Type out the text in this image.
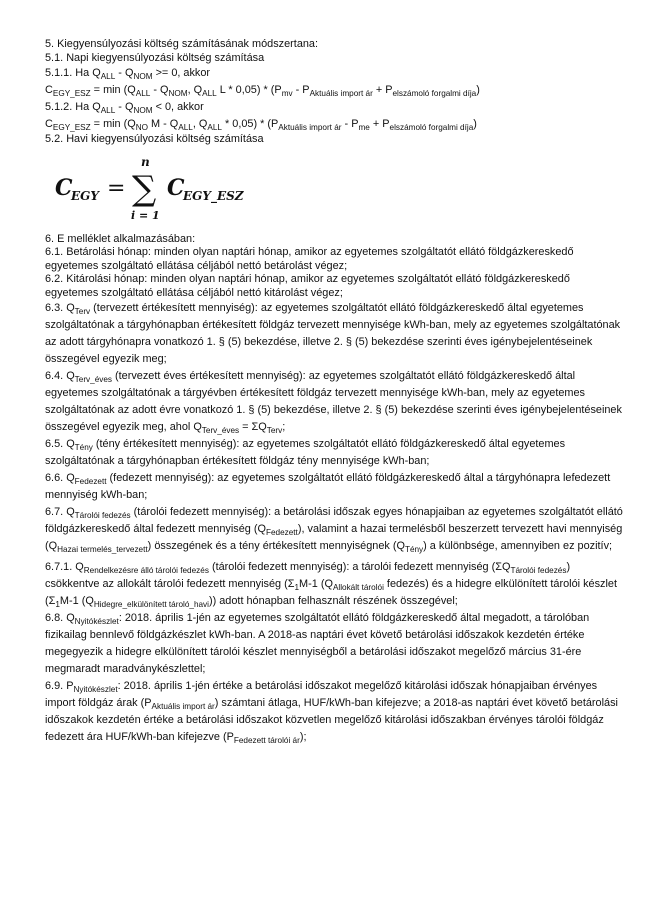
5. Kiegyensúlyozási költség számításának módszertana:
5.1. Napi kiegyensúlyozási költség számítása
5.1.1. Ha $Q_{ALL} - Q_{NOM} >= 0$, akkor
$C_{EGY\_ESZ} = \min (Q_{ALL} - Q_{NOM}$, $Q_{ALL}$ $L * 0,05) * (P_{mv} - P_{Aktuális import ár} + P_{elszámoló forgalmi díja})$
5.1.2. Ha $Q_{ALL} - Q_{NOM} < 0$, akkor
$C_{EGY\_ESZ} = \min (Q_{NO}$ M - $Q_{ALL}$, $Q_{ALL} * 0,05) * (P_{Aktuális import ár} - P_{me} + P_{elszámoló forgalmi díja})$
5.2. Havi kiegyensúlyozási költség számítása
C
EGY =
n
∑
i = 1
C
EGY_ESZ
6. E melléklet alkalmazásában:
6.1. Betárolási hónap: minden olyan naptári hónap, amikor az egyetemes szolgáltatót ellátó földgázkereskedő egyetemes szolgáltató ellátása céljából nettó betárolást végez;
6.2. Kitárolási hónap: minden olyan naptári hónap, amikor az egyetemes szolgáltatót ellátó földgázkereskedő egyetemes szolgáltató ellátása céljából nettó kitárolást végez;
6.3. $Q_{Terv}$ (tervezett értékesített mennyiség): az egyetemes szolgáltatót ellátó földgázkereskedő által egyetemes szolgáltatónak a tárgyhónapban értékesített földgáz tervezett mennyisége kWh-ban, mely az egyetemes szolgáltatónak az adott tárgyhónapra vonatkozó 1. § (5) bekezdése, illetve 2. § (5) bekezdése szerinti éves igénybejelentéseinek összegével egyezik meg;
6.4. $Q_{Terv\_éves}$ (tervezett éves értékesített mennyiség): az egyetemes szolgáltatót ellátó földgázkereskedő által egyetemes szolgáltatónak a tárgyévben értékesített földgáz tervezett mennyisége kWh-ban, mely az egyetemes szolgáltatónak az adott évre vonatkozó 1. § (5) bekezdése, illetve 2. § (5) bekezdése szerinti éves igénybejelentéseinek összegével egyezik meg, ahol $Q_{Terv\_éves} = \Sigma Q_{Terv}$;
6.5. $Q_{Tény}$ (tény értékesített mennyiség): az egyetemes szolgáltatót ellátó földgázkereskedő által egyetemes szolgáltatónak a tárgyhónapban értékesített földgáz tény mennyisége kWh-ban;
6.6. $Q_{Fedezett}$ (fedezett mennyiség): az egyetemes szolgáltatót ellátó földgázkereskedő által a tárgyhónapra lefedezett mennyiség kWh-ban;
6.7. $Q_{Tárolói fedezés}$ (tárolói fedezett mennyiség): a betárolási időszak egyes hónapjaiban az egyetemes szolgáltatót ellátó földgázkereskedő által fedezett mennyiség $(Q_{Fedezett})$, valamint a hazai termelésből beszerzett tervezett havi mennyiség $(Q_{Hazai termelés\_tervezett})$ összegének és a tény értékesített mennyiségnek $(Q_{Tény})$ a különbsége, amennyiben ez pozitív;
6.7.1. $Q_{Rendelkezésre álló tárolói fedezés}$ (tárolói fedezett mennyiség): a tárolói fedezett mennyiség $(\Sigma Q_{Tárolói fedezés})$ csökkentve az allokált tárolói fedezett mennyiség ($\Sigma_1M-1$ ($Q_{Allokált tárolói}$ fedezés) és a hidegre elkülönített tárolói készlet ($\Sigma_1M-1$ $(Q_{Hidegre\_elkülönített tároló\_havi})$) adott hónapban felhasznált részének összegével;
6.8. $Q_{Nyitókészlet}$: 2018. április 1-jén az egyetemes szolgáltatót ellátó földgázkereskedő által megadott, a tárolóban fizikailag bennlevő földgázkészlet kWh-ban. A 2018-as naptári évet követő betárolási időszakok kezdetén értéke megegyezik a hidegre elkülönített tárolói készlet mennyiségből a betárolási időszakot megelőző március 31-ére megmaradt maradványkészlettel;
6.9. $P_{Nyitókészlet}$: 2018. április 1-jén értéke a betárolási időszakot megelőző kitárolási időszak hónapjaiban érvényes import földgáz árak $(P_{Aktuális import ár})$ számtani átlaga, HUF/kWh-ban kifejezve; a 2018-as naptári évet követő betárolási időszakok kezdetén értéke a betárolási időszakot közvetlen megelőző kitárolási időszakban érvényes tárolói földgáz fedezett ára HUF/kWh-ban kifejezve $(P_{Fedezett tárolói ár})$;
